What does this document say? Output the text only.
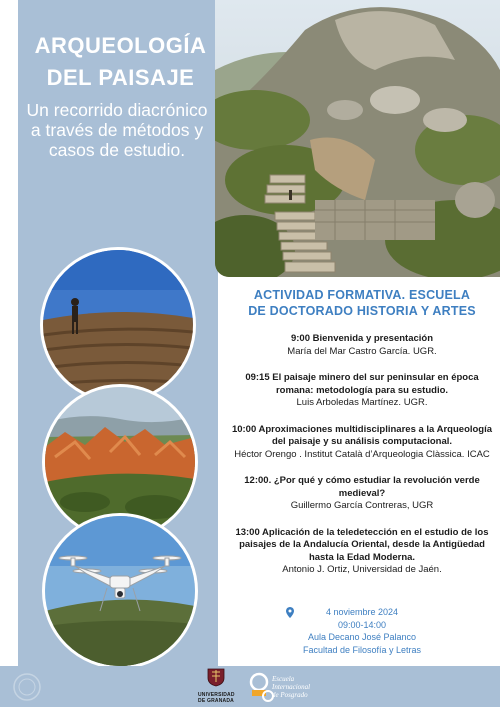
ARQUEOLOGÍA
DEL PAISAJE
Un recorrido diacrónico a través de métodos y casos de estudio.
ACTIVIDAD FORMATIVA. ESCUELA
DE DOCTORADO HISTORIA Y ARTES
9:00 Bienvenida y presentación
María del Mar Castro García. UGR.
09:15 El paisaje minero del sur peninsular en época romana: metodología para su estudio.
Luis Arboledas Martínez. UGR.
10:00 Aproximaciones multidisciplinares a la Arqueología del paisaje y su análisis computacional.
Héctor Orengo . Institut Català d’Arqueologia Clàssica. ICAC
12:00. ¿Por qué y cómo estudiar la revolución verde medieval?
Guillermo García Contreras, UGR
13:00 Aplicación de la teledetección en el estudio de los paisajes de la Andalucía Oriental, desde la Antigüedad hasta la Edad Moderna.
Antonio J. Ortiz, Universidad de Jaén.
4 noviembre 2024
09:00-14:00
Aula Decano José Palanco
Facultad de Filosofía y Letras
UNIVERSIDAD
DE GRANADA
Escuela
Internacional
de Posgrado
